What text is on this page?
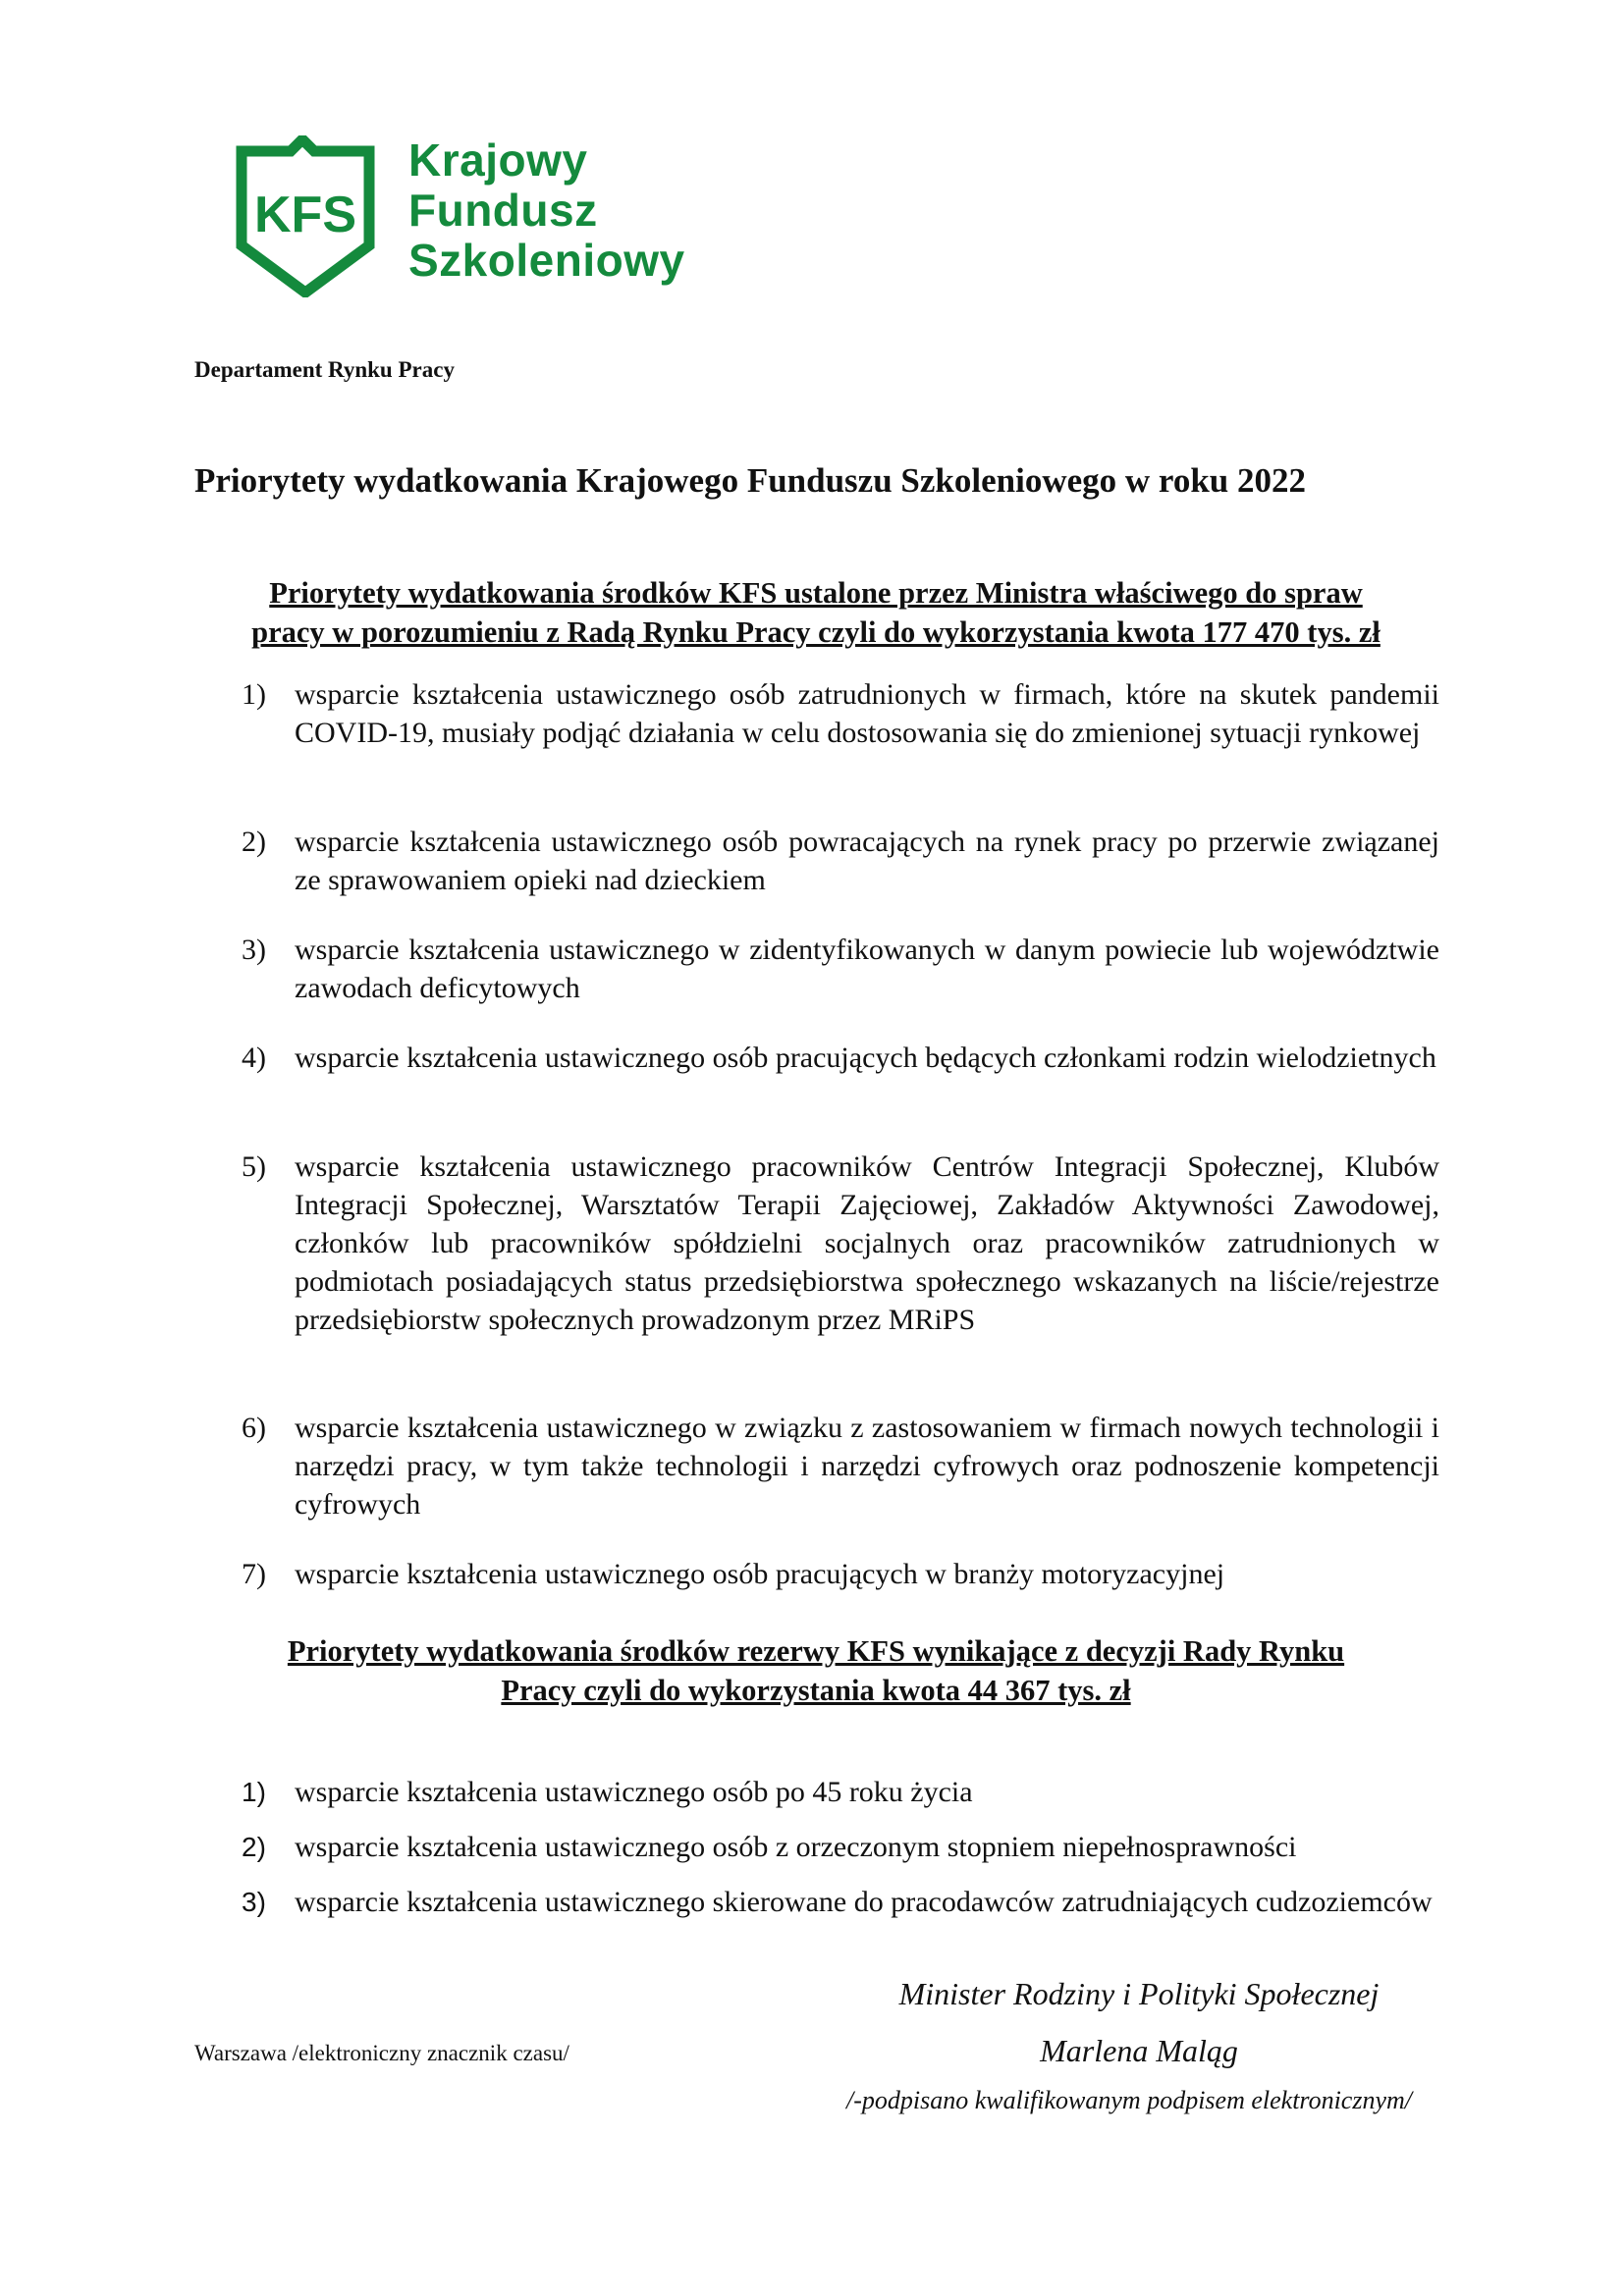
KFS
Krajowy
Fundusz
Szkoleniowy
Departament Rynku Pracy
Priorytety wydatkowania Krajowego Funduszu Szkoleniowego w roku 2022
Priorytety wydatkowania środków KFS ustalone przez Ministra właściwego do spraw
pracy w porozumieniu z Radą Rynku Pracy czyli do wykorzystania kwota 177 470 tys. zł
1) wsparcie kształcenia ustawicznego osób zatrudnionych w firmach, które na skutek pandemii COVID-19, musiały podjąć działania w celu dostosowania się do zmienionej sytuacji rynkowej
2) wsparcie kształcenia ustawicznego osób powracających na rynek pracy po przerwie związanej ze sprawowaniem opieki nad dzieckiem
3) wsparcie kształcenia ustawicznego w zidentyfikowanych w danym powiecie lub województwie zawodach deficytowych
4) wsparcie kształcenia ustawicznego osób pracujących będących członkami rodzin wielodzietnych
5) wsparcie kształcenia ustawicznego pracowników Centrów Integracji Społecznej, Klubów Integracji Społecznej, Warsztatów Terapii Zajęciowej, Zakładów Aktywności Zawodowej, członków lub pracowników spółdzielni socjalnych oraz pracowników zatrudnionych w podmiotach posiadających status przedsiębiorstwa społecznego wskazanych na liście/rejestrze przedsiębiorstw społecznych prowadzonym przez MRiPS
6) wsparcie kształcenia ustawicznego w związku z zastosowaniem w firmach nowych technologii i narzędzi pracy, w tym także technologii i narzędzi cyfrowych oraz podnoszenie kompetencji cyfrowych
7) wsparcie kształcenia ustawicznego osób pracujących w branży motoryzacyjnej
Priorytety wydatkowania środków rezerwy KFS wynikające z decyzji Rady Rynku
Pracy czyli do wykorzystania kwota 44 367 tys. zł
1) wsparcie kształcenia ustawicznego osób po 45 roku życia
2) wsparcie kształcenia ustawicznego osób z orzeczonym stopniem niepełnosprawności
3) wsparcie kształcenia ustawicznego skierowane do pracodawców zatrudniających cudzoziemców
Warszawa /elektroniczny znacznik czasu/
Minister Rodziny i Polityki Społecznej
Marlena Maląg
/-podpisano kwalifikowanym podpisem elektronicznym/
